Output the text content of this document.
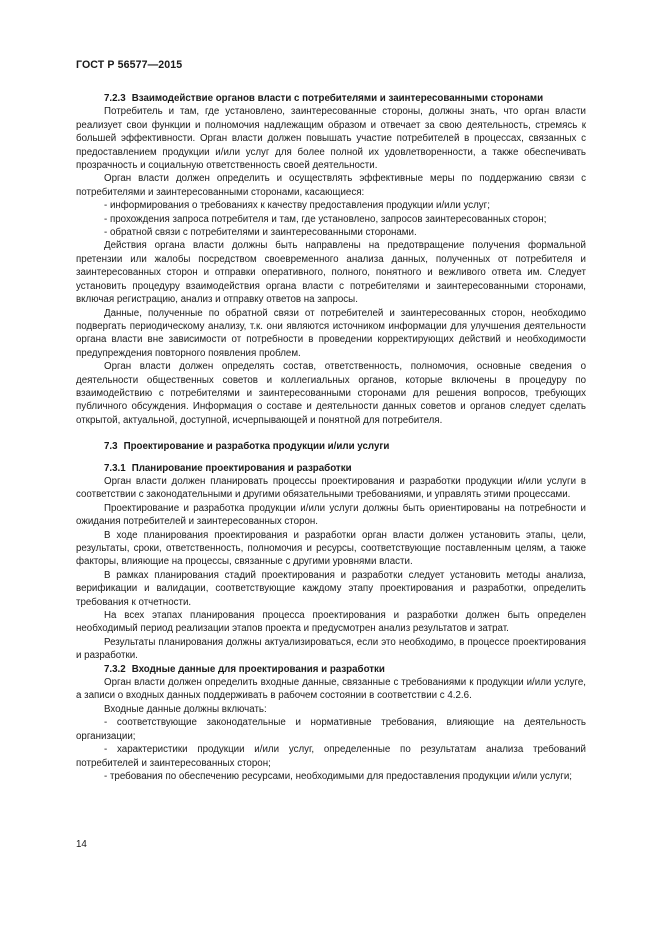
ГОСТ Р 56577—2015

7.2.3 Взаимодействие органов власти с потребителями и заинтересованными сторонами

Потребитель и там, где установлено, заинтересованные стороны, должны знать, что орган власти реализует свои функции и полномочия надлежащим образом и отвечает за свою деятельность, стремясь к большей эффективности. Орган власти должен повышать участие потребителей в процессах, связанных с предоставлением продукции и/или услуг для более полной их удовлетворенности, а также обеспечивать прозрачность и социальную ответственность своей деятельности.

Орган власти должен определить и осуществлять эффективные меры по поддержанию связи с потребителями и заинтересованными сторонами, касающиеся:

- информирования о требованиях к качеству предоставления продукции и/или услуг;

- прохождения запроса потребителя и там, где установлено, запросов заинтересованных сторон;

- обратной связи с потребителями и заинтересованными сторонами.

Действия органа власти должны быть направлены на предотвращение получения формальной претензии или жалобы посредством своевременного анализа данных, полученных от потребителя и заинтересованных сторон и отправки оперативного, полного, понятного и вежливого ответа им. Следует установить процедуру взаимодействия органа власти с потребителями и заинтересованными сторонами, включая регистрацию, анализ и отправку ответов на запросы.

Данные, полученные по обратной связи от потребителей и заинтересованных сторон, необходимо подвергать периодическому анализу, т.к. они являются источником информации для улучшения деятельности органа власти вне зависимости от потребности в проведении корректирующих действий и необходимости предупреждения повторного появления проблем.

Орган власти должен определять состав, ответственность, полномочия, основные сведения о деятельности общественных советов и коллегиальных органов, которые включены в процедуру по взаимодействию с потребителями и заинтересованными сторонами для решения вопросов, требующих публичного обсуждения. Информация о составе и деятельности данных советов и органов следует сделать открытой, актуальной, доступной, исчерпывающей и понятной для потребителя.

7.3 Проектирование и разработка продукции и/или услуги

7.3.1 Планирование проектирования и разработки

Орган власти должен планировать процессы проектирования и разработки продукции и/или услуги в соответствии с законодательными и другими обязательными требованиями, и управлять этими процессами.

Проектирование и разработка продукции и/или услуги должны быть ориентированы на потребности и ожидания потребителей и заинтересованных сторон.

В ходе планирования проектирования и разработки орган власти должен установить этапы, цели, результаты, сроки, ответственность, полномочия и ресурсы, соответствующие поставленным целям, а также факторы, влияющие на процессы, связанные с другими уровнями власти.

В рамках планирования стадий проектирования и разработки следует установить методы анализа, верификации и валидации, соответствующие каждому этапу проектирования и разработки, определить требования к отчетности.

На всех этапах планирования процесса проектирования и разработки должен быть определен необходимый период реализации этапов проекта и предусмотрен анализ результатов и затрат.

Результаты планирования должны актуализироваться, если это необходимо, в процессе проектирования и разработки.

7.3.2 Входные данные для проектирования и разработки

Орган власти должен определить входные данные, связанные с требованиями к продукции и/или услуге, а записи о входных данных поддерживать в рабочем состоянии в соответствии с 4.2.6.

Входные данные должны включать:

- соответствующие законодательные и нормативные требования, влияющие на деятельность организации;

- характеристики продукции и/или услуг, определенные по результатам анализа требований потребителей и заинтересованных сторон;

- требования по обеспечению ресурсами, необходимыми для предоставления продукции и/или услуги;

14
